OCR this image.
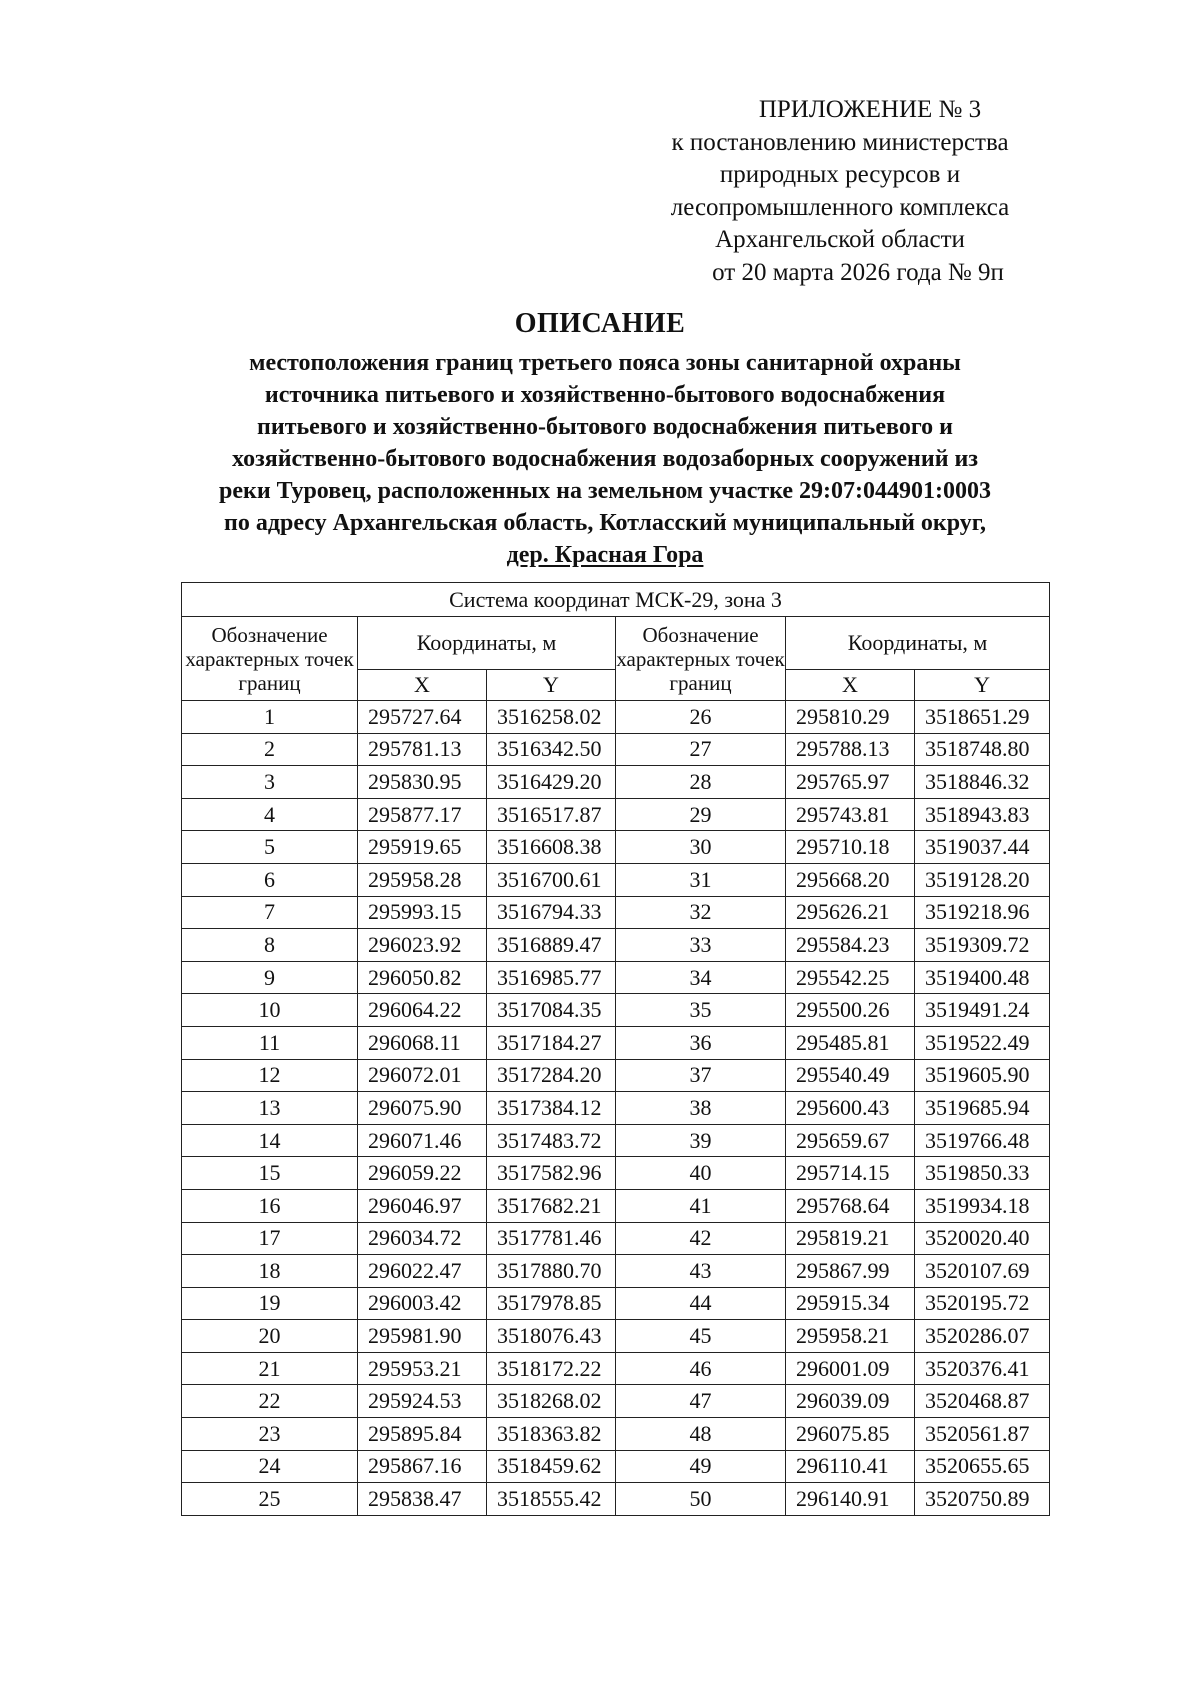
ПРИЛОЖЕНИЕ № 3
к постановлению министерства
природных ресурсов и
лесопромышленного комплекса
Архангельской области
от 20 марта 2026 года № 9п
ОПИСАНИЕ
местоположения границ третьего пояса зоны санитарной охраны
источника питьевого и хозяйственно-бытового водоснабжения
питьевого и хозяйственно-бытового водоснабжения питьевого и
хозяйственно-бытового водоснабжения водозаборных сооружений из
реки Туровец, расположенных на земельном участке 29:07:044901:0003
по адресу Архангельская область, Котласский муниципальный округ,
дер. Красная Гора
Система координат МСК-29, зона 3					
Обозначение характерных точек границ	Координаты, м		Обозначение характерных точек границ	Координаты, м	
	X	Y		X	Y
1	295727.64	3516258.02	26	295810.29	3518651.29
2	295781.13	3516342.50	27	295788.13	3518748.80
3	295830.95	3516429.20	28	295765.97	3518846.32
4	295877.17	3516517.87	29	295743.81	3518943.83
5	295919.65	3516608.38	30	295710.18	3519037.44
6	295958.28	3516700.61	31	295668.20	3519128.20
7	295993.15	3516794.33	32	295626.21	3519218.96
8	296023.92	3516889.47	33	295584.23	3519309.72
9	296050.82	3516985.77	34	295542.25	3519400.48
10	296064.22	3517084.35	35	295500.26	3519491.24
11	296068.11	3517184.27	36	295485.81	3519522.49
12	296072.01	3517284.20	37	295540.49	3519605.90
13	296075.90	3517384.12	38	295600.43	3519685.94
14	296071.46	3517483.72	39	295659.67	3519766.48
15	296059.22	3517582.96	40	295714.15	3519850.33
16	296046.97	3517682.21	41	295768.64	3519934.18
17	296034.72	3517781.46	42	295819.21	3520020.40
18	296022.47	3517880.70	43	295867.99	3520107.69
19	296003.42	3517978.85	44	295915.34	3520195.72
20	295981.90	3518076.43	45	295958.21	3520286.07
21	295953.21	3518172.22	46	296001.09	3520376.41
22	295924.53	3518268.02	47	296039.09	3520468.87
23	295895.84	3518363.82	48	296075.85	3520561.87
24	295867.16	3518459.62	49	296110.41	3520655.65
25	295838.47	3518555.42	50	296140.91	3520750.89
